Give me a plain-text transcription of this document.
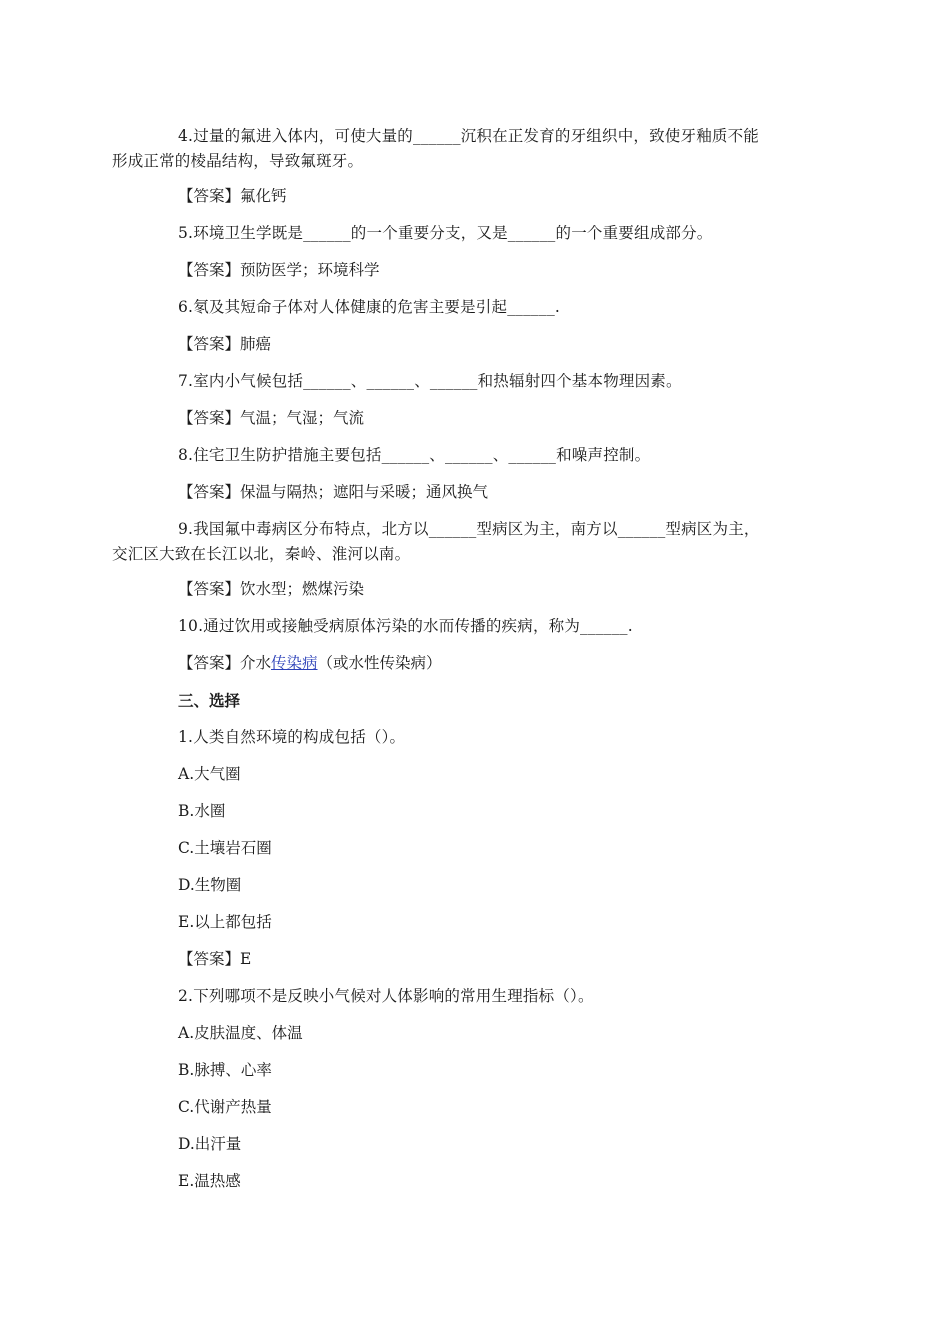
4.过量的氟进入体内，可使大量的______沉积在正发育的牙组织中，致使牙釉质不能
形成正常的棱晶结构，导致氟斑牙。

【答案】氟化钙

5.环境卫生学既是______的一个重要分支，又是______的一个重要组成部分。

【答案】预防医学；环境科学

6.氡及其短命子体对人体健康的危害主要是引起______.

【答案】肺癌

7.室内小气候包括______、______、______和热辐射四个基本物理因素。

【答案】气温；气湿；气流

8.住宅卫生防护措施主要包括______、______、______和噪声控制。

【答案】保温与隔热；遮阳与采暖；通风换气

9.我国氟中毒病区分布特点，北方以______型病区为主，南方以______型病区为主，
交汇区大致在长江以北，秦岭、淮河以南。

【答案】饮水型；燃煤污染

10.通过饮用或接触受病原体污染的水而传播的疾病，称为______.

【答案】介水传染病（或水性传染病）

三、选择

1.人类自然环境的构成包括（）。

A.大气圈

B.水圈

C.土壤岩石圈

D.生物圈

E.以上都包括

【答案】E

2.下列哪项不是反映小气候对人体影响的常用生理指标（）。

A.皮肤温度、体温

B.脉搏、心率

C.代谢产热量

D.出汗量

E.温热感
